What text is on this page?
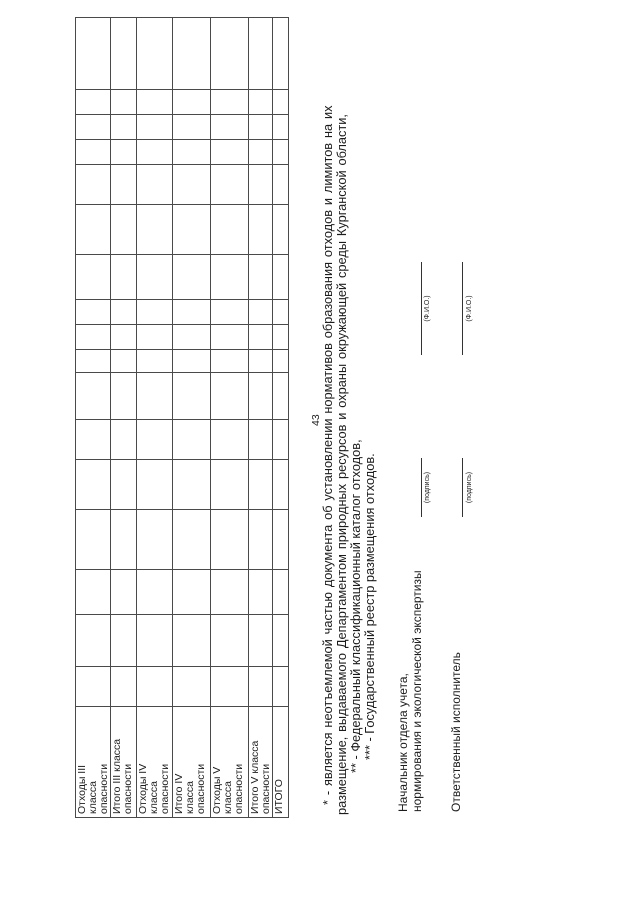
43
Отходы III класса опасности Итого III класса опасности Отходы IV класса опасности Итого IV класса опасности Отходы V класса опасности Итого V класса опасности ИТОГО	* - является неотъемлемой частью документа об установлении нормативов образования отходов и лимитов на их размещение, выдаваемого Департаментом природных ресурсов и охраны окружающей среды Курганской области, ** - Федеральный классификационный каталог отходов, *** - Государственный реестр размещения отходов. Начальник отдела учета, нормирования и экологической экспертизы
(подпись)
(Ф.И.О.)
Ответственный исполнитель
(подпись)
(Ф.И.О.)
